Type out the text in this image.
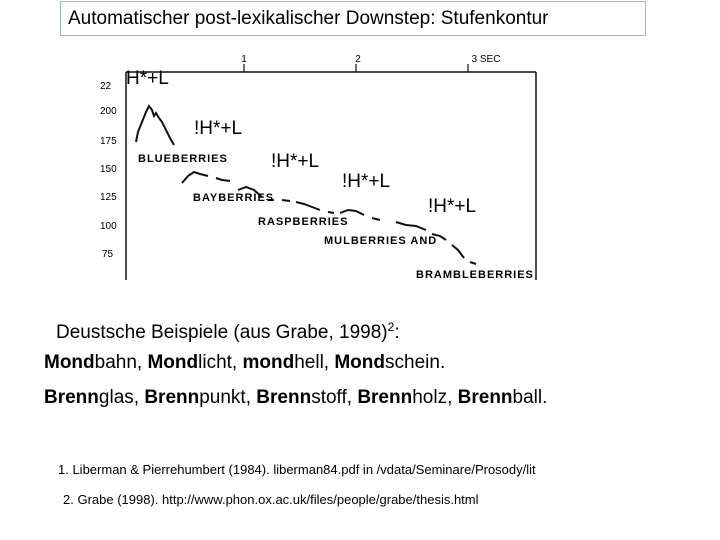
Automatischer post-lexikalischer Downstep: Stufenkontur
1	2	3 SEC
22
200
175
150
125
100
75
BLUEBERRIES
BAYBERRIES
RASPBERRIES
MULBERRIES AND
BRAMBLEBERRIES
H*+L
!H*+L
!H*+L
!H*+L
!H*+L
Deustsche Beispiele (aus Grabe, 1998)$^2$:
Mondbahn, Mondlicht, mondhell, Mondschein.
Brennglas, Brennpunkt, Brennstoff, Brennholz, Brennball.
1. Liberman & Pierrehumbert (1984). liberman84.pdf in /vdata/Seminare/Prosody/lit
2. Grabe (1998). http://www.phon.ox.ac.uk/files/people/grabe/thesis.html
